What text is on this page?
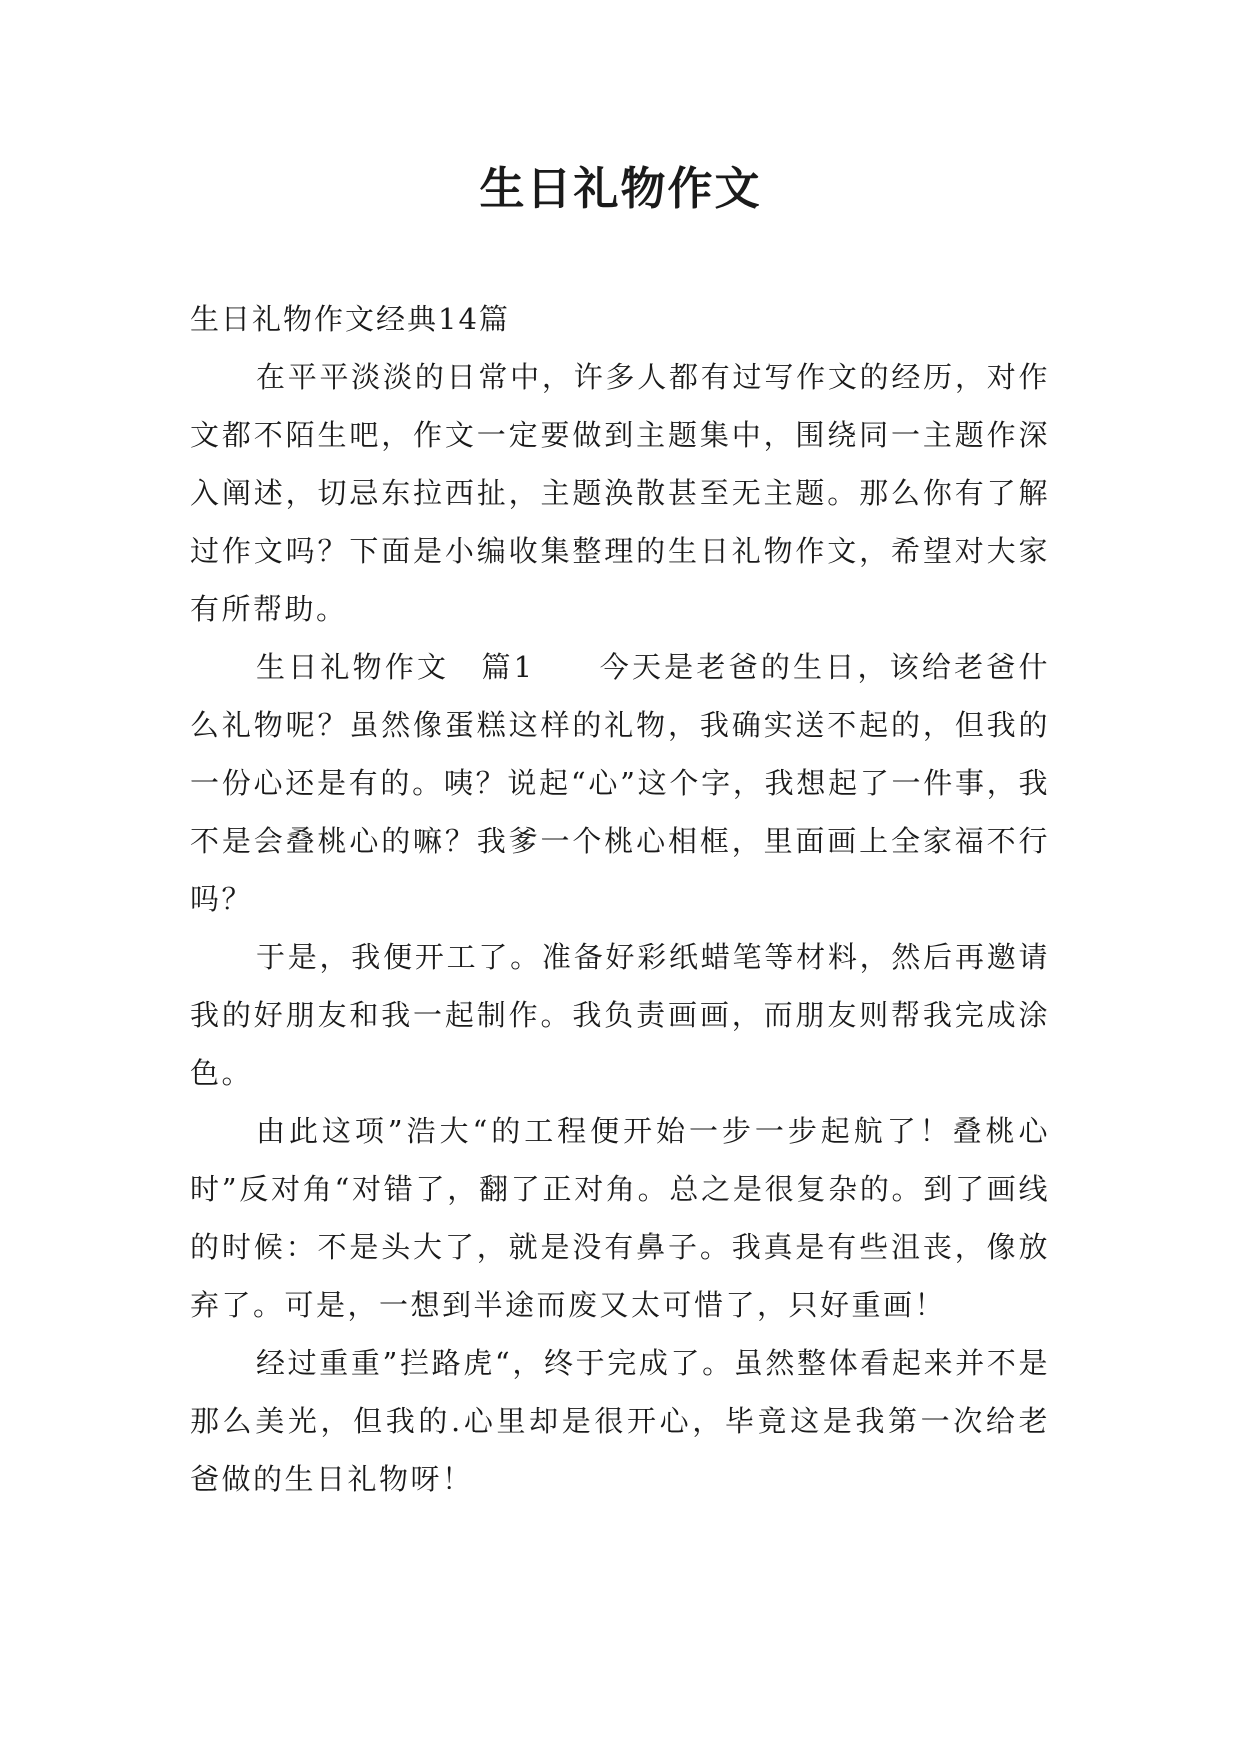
生日礼物作文

生日礼物作文经典14篇

在平平淡淡的日常中，许多人都有过写作文的经历，对作文都不陌生吧，作文一定要做到主题集中，围绕同一主题作深入阐述，切忌东拉西扯，主题涣散甚至无主题。那么你有了解过作文吗？下面是小编收集整理的生日礼物作文，希望对大家有所帮助。

生日礼物作文　篇1　　今天是老爸的生日，该给老爸什么礼物呢？虽然像蛋糕这样的礼物，我确实送不起的，但我的一份心还是有的。咦？说起“心”这个字，我想起了一件事，我不是会叠桃心的嘛？我爹一个桃心相框，里面画上全家福不行吗？

于是，我便开工了。准备好彩纸蜡笔等材料，然后再邀请我的好朋友和我一起制作。我负责画画，而朋友则帮我完成涂色。

由此这项”浩大“的工程便开始一步一步起航了！叠桃心时”反对角“对错了，翻了正对角。总之是很复杂的。到了画线的时候：不是头大了，就是没有鼻子。我真是有些沮丧，像放弃了。可是，一想到半途而废又太可惜了，只好重画！

经过重重”拦路虎“，终于完成了。虽然整体看起来并不是那么美光，但我的.心里却是很开心，毕竟这是我第一次给老爸做的生日礼物呀！
